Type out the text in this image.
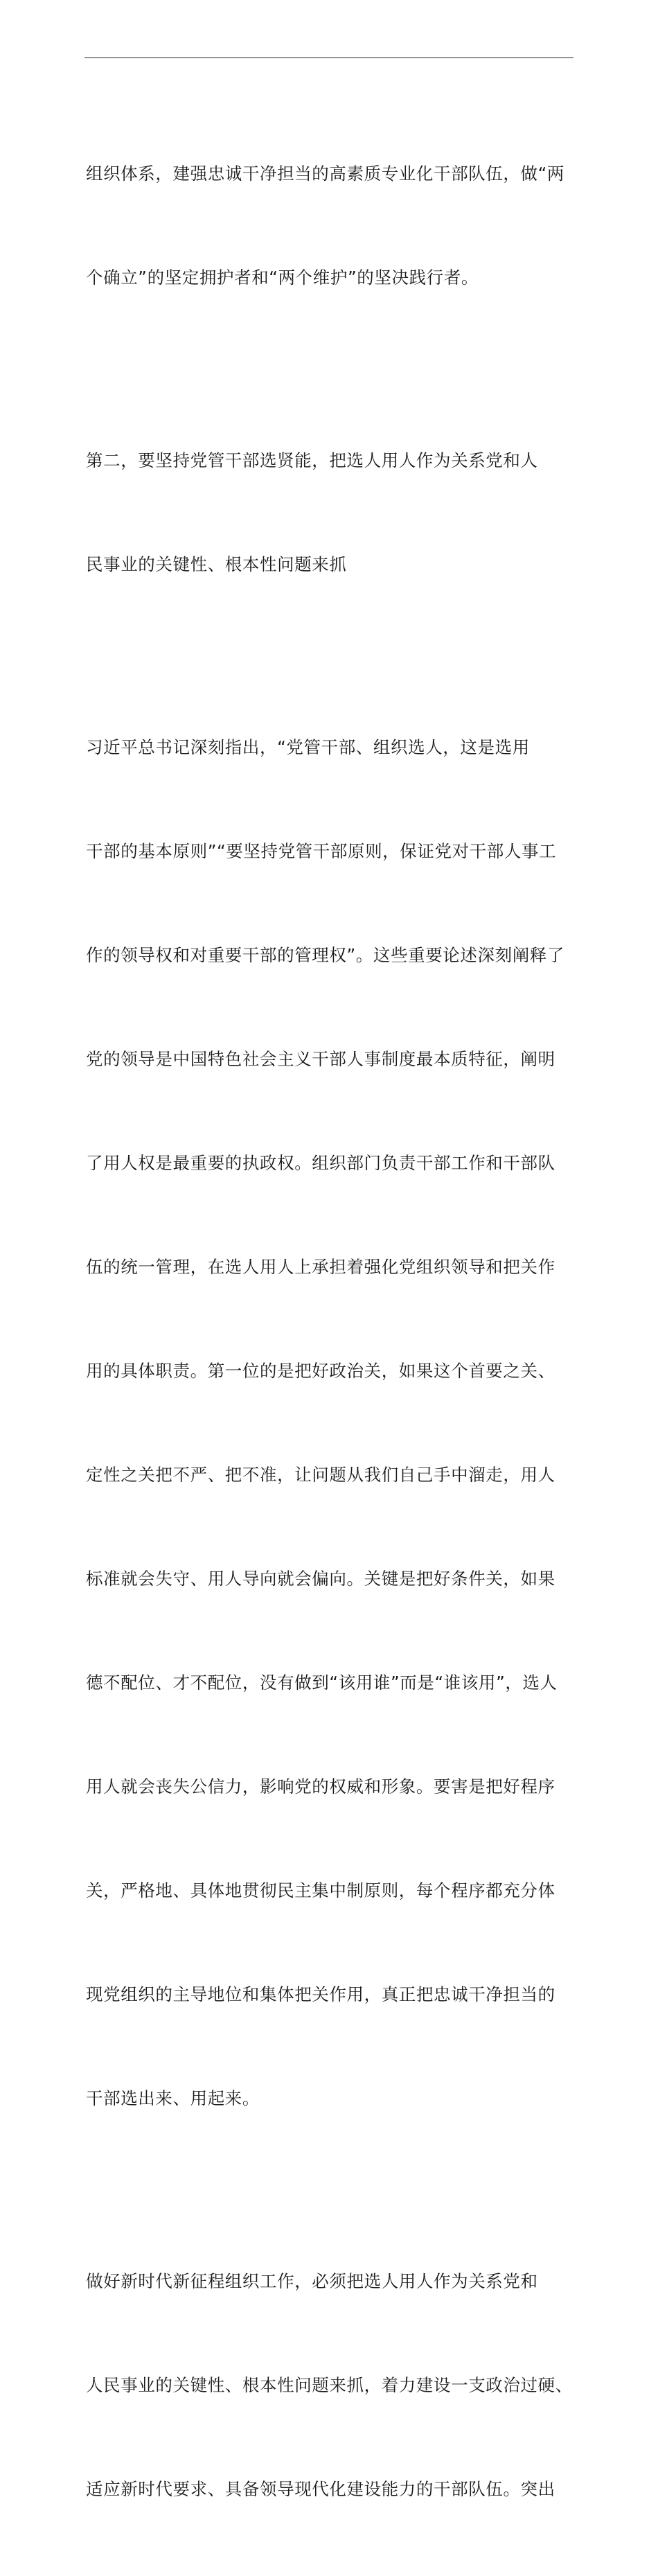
组织体系，建强忠诚干净担当的高素质专业化干部队伍，做“两

个确立”的坚定拥护者和“两个维护”的坚决践行者。

第二，要坚持党管干部选贤能，把选人用人作为关系党和人

民事业的关键性、根本性问题来抓

习近平总书记深刻指出，“党管干部、组织选人，这是选用

干部的基本原则”“要坚持党管干部原则，保证党对干部人事工

作的领导权和对重要干部的管理权”。这些重要论述深刻阐释了

党的领导是中国特色社会主义干部人事制度最本质特征，阐明

了用人权是最重要的执政权。组织部门负责干部工作和干部队

伍的统一管理，在选人用人上承担着强化党组织领导和把关作

用的具体职责。第一位的是把好政治关，如果这个首要之关、

定性之关把不严、把不准，让问题从我们自己手中溜走，用人

标准就会失守、用人导向就会偏向。关键是把好条件关，如果

德不配位、才不配位，没有做到“该用谁”而是“谁该用”，选人

用人就会丧失公信力，影响党的权威和形象。要害是把好程序

关，严格地、具体地贯彻民主集中制原则，每个程序都充分体

现党组织的主导地位和集体把关作用，真正把忠诚干净担当的

干部选出来、用起来。

做好新时代新征程组织工作，必须把选人用人作为关系党和

人民事业的关键性、根本性问题来抓，着力建设一支政治过硬、

适应新时代要求、具备领导现代化建设能力的干部队伍。突出
